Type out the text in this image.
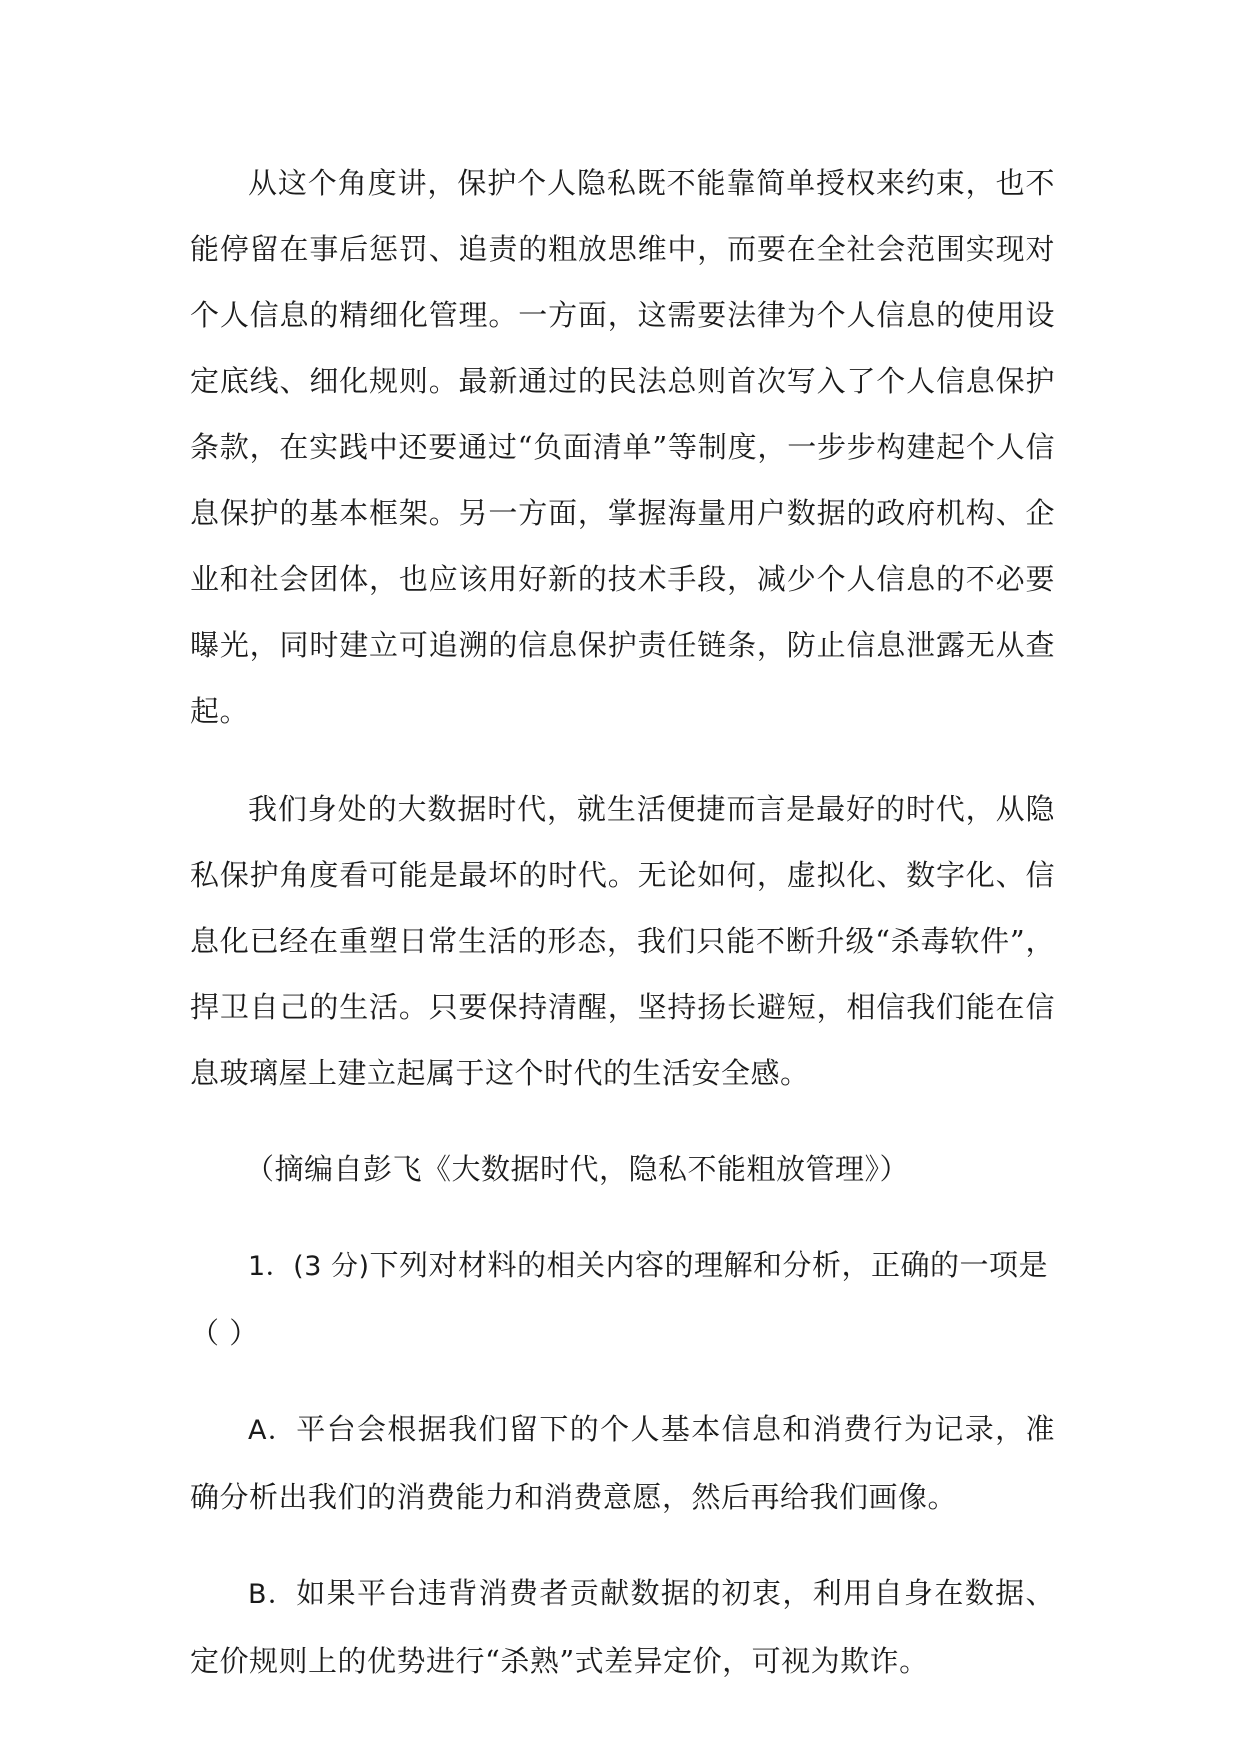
从这个角度讲，保护个人隐私既不能靠简单授权来约束，也不能停留在事后惩罚、追责的粗放思维中，而要在全社会范围实现对个人信息的精细化管理。一方面，这需要法律为个人信息的使用设定底线、细化规则。最新通过的民法总则首次写入了个人信息保护条款，在实践中还要通过“负面清单”等制度，一步步构建起个人信息保护的基本框架。另一方面，掌握海量用户数据的政府机构、企业和社会团体，也应该用好新的技术手段，减少个人信息的不必要曝光，同时建立可追溯的信息保护责任链条，防止信息泄露无从查起。

我们身处的大数据时代，就生活便捷而言是最好的时代，从隐私保护角度看可能是最坏的时代。无论如何，虚拟化、数字化、信息化已经在重塑日常生活的形态，我们只能不断升级“杀毒软件”，捍卫自己的生活。只要保持清醒，坚持扬长避短，相信我们能在信息玻璃屋上建立起属于这个时代的生活安全感。

（摘编自彭飞《大数据时代，隐私不能粗放管理》）

1．(3 分)下列对材料的相关内容的理解和分析，正确的一项是（ ）

A．平台会根据我们留下的个人基本信息和消费行为记录，准确分析出我们的消费能力和消费意愿，然后再给我们画像。

B．如果平台违背消费者贡献数据的初衷，利用自身在数据、定价规则上的优势进行“杀熟”式差异定价，可视为欺诈。
